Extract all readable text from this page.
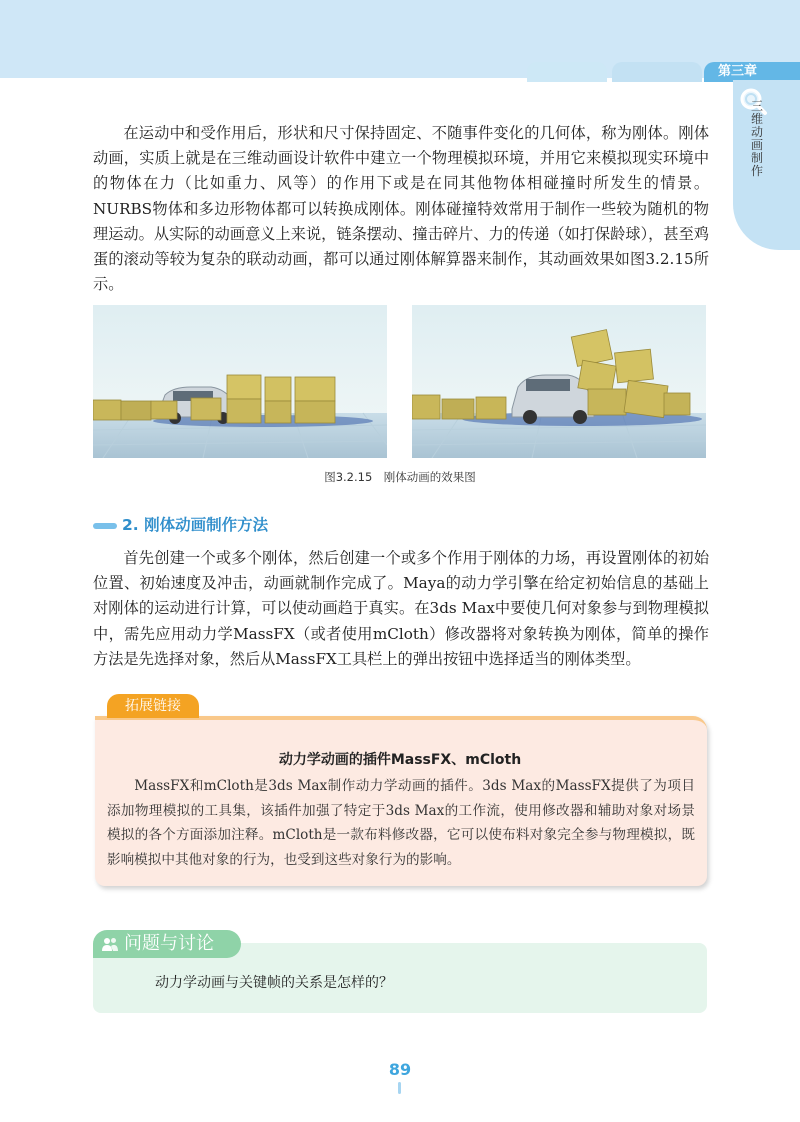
第三章
三维动画制作

在运动中和受作用后，形状和尺寸保持固定、不随事件变化的几何体，称为刚体。刚体动画，实质上就是在三维动画设计软件中建立一个物理模拟环境，并用它来模拟现实环境中的物体在力（比如重力、风等）的作用下或是在同其他物体相碰撞时所发生的情景。NURBS物体和多边形物体都可以转换成刚体。刚体碰撞特效常用于制作一些较为随机的物理运动。从实际的动画意义上来说，链条摆动、撞击碎片、力的传递（如打保龄球），甚至鸡蛋的滚动等较为复杂的联动动画，都可以通过刚体解算器来制作，其动画效果如图3.2.15所示。

图3.2.15　刚体动画的效果图
2. 刚体动画制作方法

首先创建一个或多个刚体，然后创建一个或多个作用于刚体的力场，再设置刚体的初始位置、初始速度及冲击，动画就制作完成了。Maya的动力学引擎在给定初始信息的基础上对刚体的运动进行计算，可以使动画趋于真实。在3ds Max中要使几何对象参与到物理模拟中，需先应用动力学MassFX（或者使用mCloth）修改器将对象转换为刚体，简单的操作方法是先选择对象，然后从MassFX工具栏上的弹出按钮中选择适当的刚体类型。

拓展链接
动力学动画的插件MassFX、mCloth

MassFX和mCloth是3ds Max制作动力学动画的插件。3ds Max的MassFX提供了为项目添加物理模拟的工具集，该插件加强了特定于3ds Max的工作流，使用修改器和辅助对象对场景模拟的各个方面添加注释。mCloth是一款布料修改器，它可以使布料对象完全参与物理模拟，既影响模拟中其他对象的行为，也受到这些对象行为的影响。

问题与讨论
动力学动画与关键帧的关系是怎样的？
89
